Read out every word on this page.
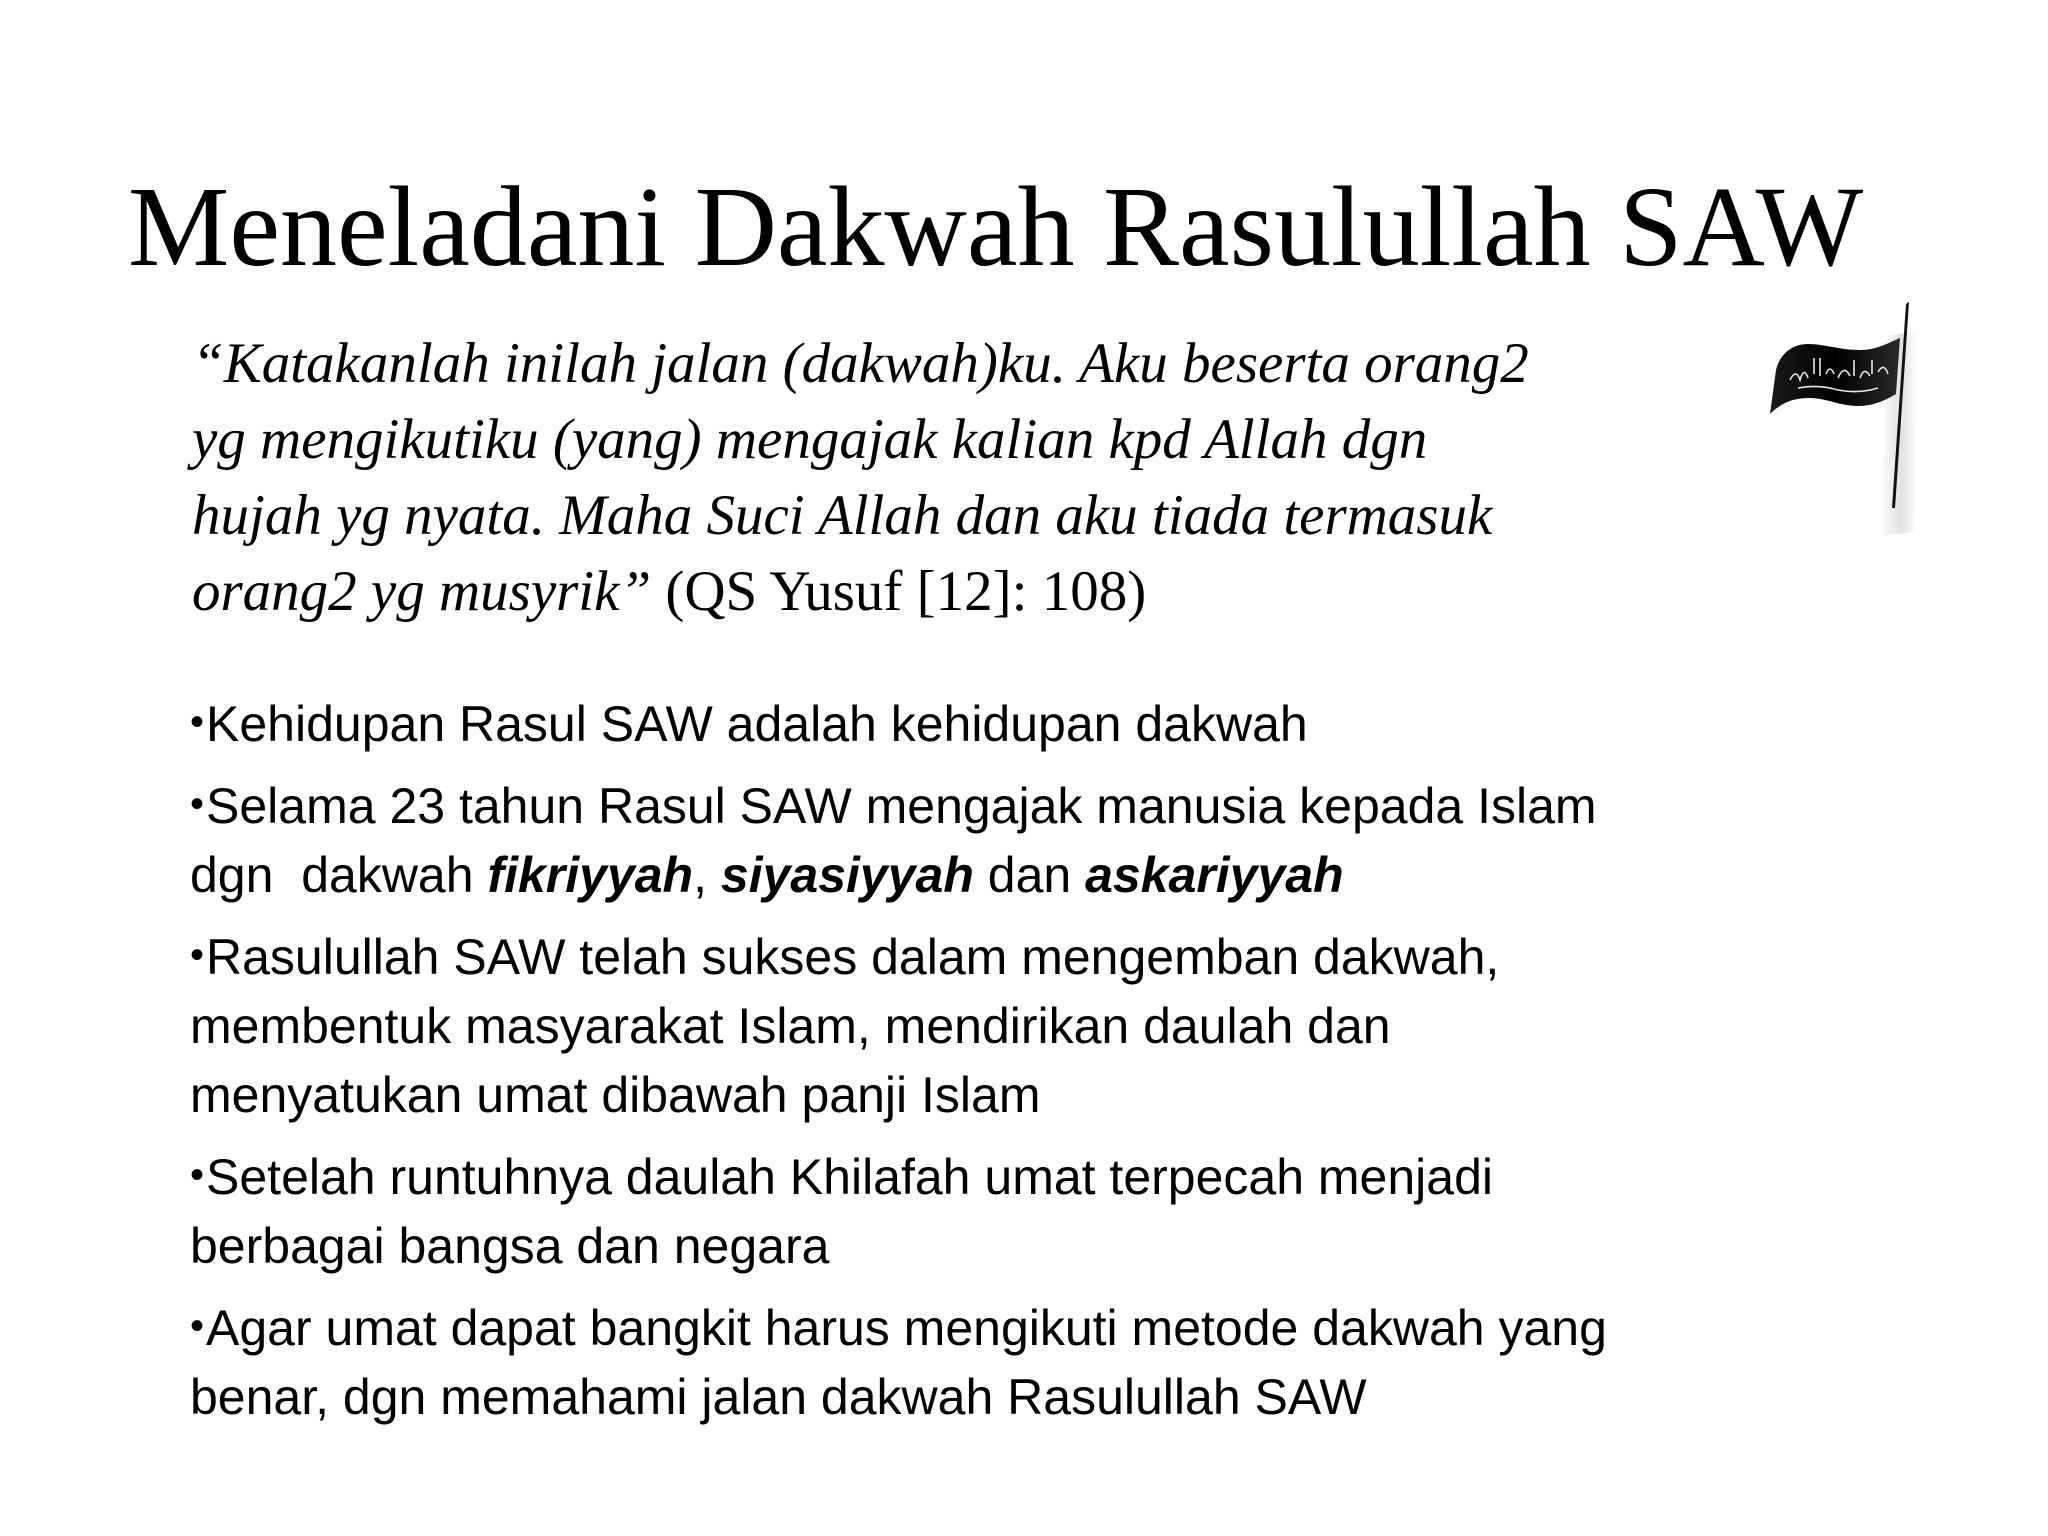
Meneladani Dakwah Rasulullah SAW

“Katakanlah inilah jalan (dakwah)ku. Aku beserta orang2
yg mengikutiku (yang) mengajak kalian kpd Allah dgn
hujah yg nyata. Maha Suci Allah dan aku tiada termasuk
orang2 yg musyrik” (QS Yusuf [12]: 108)

•Kehidupan Rasul SAW adalah kehidupan dakwah
•Selama 23 tahun Rasul SAW mengajak manusia kepada Islam
dgn  dakwah fikriyyah, siyasiyyah dan askariyyah
•Rasulullah SAW telah sukses dalam mengemban dakwah,
membentuk masyarakat Islam, mendirikan daulah dan
menyatukan umat dibawah panji Islam
•Setelah runtuhnya daulah Khilafah umat terpecah menjadi
berbagai bangsa dan negara
•Agar umat dapat bangkit harus mengikuti metode dakwah yang
benar, dgn memahami jalan dakwah Rasulullah SAW
